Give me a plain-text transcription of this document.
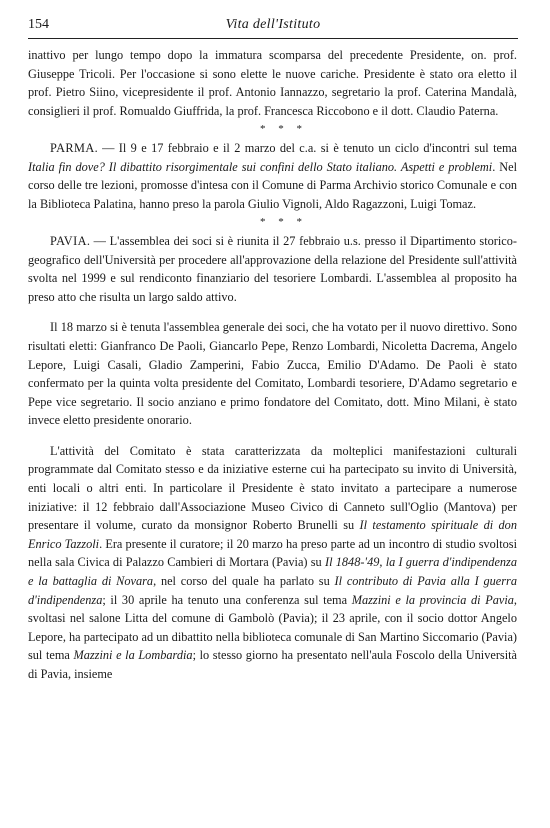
154	Vita dell'Istituto

inattivo per lungo tempo dopo la immatura scomparsa del precedente Presidente, on. prof. Giuseppe Tricoli. Per l'occasione si sono elette le nuove cariche. Presidente è stato ora eletto il prof. Pietro Siino, vicepresidente il prof. Antonio Iannazzo, segretario la prof. Caterina Mandalà, consiglieri il prof. Romualdo Giuffrida, la prof. Francesca Riccobono e il dott. Claudio Paterna.

* * *

PARMA. — Il 9 e 17 febbraio e il 2 marzo del c.a. si è tenuto un ciclo d'incontri sul tema Italia fin dove? Il dibattito risorgimentale sui confini dello Stato italiano. Aspetti e problemi. Nel corso delle tre lezioni, promosse d'intesa con il Comune di Parma Archivio storico Comunale e con la Biblioteca Palatina, hanno preso la parola Giulio Vignoli, Aldo Ragazzoni, Luigi Tomaz.

* * *

PAVIA. — L'assemblea dei soci si è riunita il 27 febbraio u.s. presso il Dipartimento storico-geografico dell'Università per procedere all'approvazione della relazione del Presidente sull'attività svolta nel 1999 e sul rendiconto finanziario del tesoriere Lombardi. L'assemblea al proposito ha preso atto che risulta un largo saldo attivo.

Il 18 marzo si è tenuta l'assemblea generale dei soci, che ha votato per il nuovo direttivo. Sono risultati eletti: Gianfranco De Paoli, Giancarlo Pepe, Renzo Lombardi, Nicoletta Dacrema, Angelo Lepore, Luigi Casali, Gladio Zamperini, Fabio Zucca, Emilio D'Adamo. De Paoli è stato confermato per la quinta volta presidente del Comitato, Lombardi tesoriere, D'Adamo segretario e Pepe vice segretario. Il socio anziano e primo fondatore del Comitato, dott. Mino Milani, è stato invece eletto presidente onorario.

L'attività del Comitato è stata caratterizzata da molteplici manifestazioni culturali programmate dal Comitato stesso e da iniziative esterne cui ha partecipato su invito di Università, enti locali o altri enti. In particolare il Presidente è stato invitato a partecipare a numerose iniziative: il 12 febbraio dall'Associazione Museo Civico di Canneto sull'Oglio (Mantova) per presentare il volume, curato da monsignor Roberto Brunelli su Il testamento spirituale di don Enrico Tazzoli. Era presente il curatore; il 20 marzo ha preso parte ad un incontro di studio svoltosi nella sala Civica di Palazzo Cambieri di Mortara (Pavia) su Il 1848-'49, la I guerra d'indipendenza e la battaglia di Novara, nel corso del quale ha parlato su Il contributo di Pavia alla I guerra d'indipendenza; il 30 aprile ha tenuto una conferenza sul tema Mazzini e la provincia di Pavia, svoltasi nel salone Litta del comune di Gambolò (Pavia); il 23 aprile, con il socio dottor Angelo Lepore, ha partecipato ad un dibattito nella biblioteca comunale di San Martino Siccomario (Pavia) sul tema Mazzini e la Lombardia; lo stesso giorno ha presentato nell'aula Foscolo della Università di Pavia, insieme
